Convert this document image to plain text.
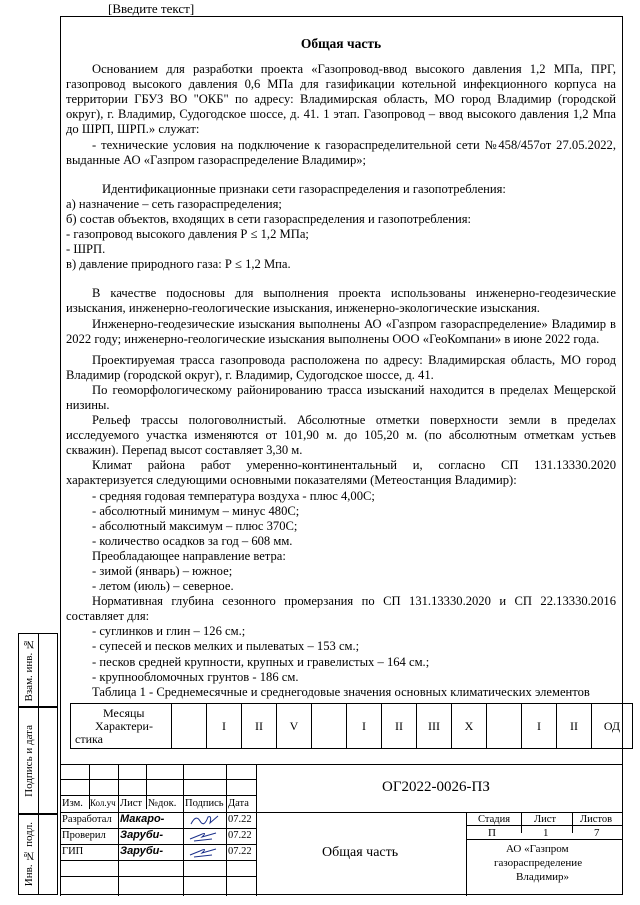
[Введите текст]
Взам. инв. №
Подпись и дата
Инв. № подл.

Общая часть

Основанием для разработки проекта «Газопровод-ввод высокого давления 1,2 МПа, ПРГ, газопровод высокого давления 0,6 МПа для газификации котельной инфекционного корпуса на территории ГБУЗ ВО "ОКБ" по адресу: Владимирская область, МО город Владимир (городской округ), г. Владимир, Судогодское шоссе, д. 41. 1 этап. Газопровод – ввод высокого давления 1,2 Мпа до ШРП, ШРП.» служат:

- технические условия на подключение к газораспределительной сети №458/457от 27.05.2022, выданные АО «Газпром газораспределение Владимир»;

Идентификационные признаки сети газораспределения и газопотребления:

а) назначение – сеть газораспределения;

б) состав объектов, входящих в сети газораспределения и газопотребления:

- газопровод высокого давления Р ≤ 1,2 МПа;

- ШРП.

в) давление природного газа: Р ≤ 1,2 Мпа.

В качестве подосновы для выполнения проекта использованы инженерно-геодезические изыскания, инженерно-геологические изыскания, инженерно-экологические изыскания.

Инженерно-геодезические изыскания выполнены АО «Газпром газораспределение» Владимир в 2022 году; инженерно-геологические изыскания выполнены ООО «ГеоКомпани» в июне 2022 года.

Проектируемая трасса газопровода расположена по адресу: Владимирская область, МО город Владимир (городской округ), г. Владимир, Судогодское шоссе, д. 41.

По геоморфологическому районированию трасса изысканий находится в пределах Мещерской низины.

Рельеф трассы пологоволнистый. Абсолютные отметки поверхности земли в пределах исследуемого участка изменяются от 101,90 м. до 105,20 м. (по абсолютным отметкам устьев скважин). Перепад высот составляет 3,30 м.

Климат района работ умеренно-континентальный и, согласно СП 131.13330.2020 характеризуется следующими основными показателями (Метеостанция Владимир):

- средняя годовая температура воздуха - плюс 4,00С;

- абсолютный минимум – минус 480С;

- абсолютный максимум – плюс 370С;

- количество осадков за год – 608 мм.

Преобладающее направление ветра:

- зимой (январь) – южное;

- летом (июль) – северное.

Нормативная глубина сезонного промерзания по СП 131.13330.2020 и СП 22.13330.2016 составляет для:

- суглинков и глин – 126 см.;

- супесей и песков мелких и пылеватых – 153 см.;

- песков средней крупности, крупных и гравелистых – 164 см.;

- крупнообломочных грунтов - 186 см.

Таблица 1 - Среднемесячные и среднегодовые значения основных климатических элементов

Месяцы
Характери-
стика
		I	II	V		I	II	III	X		I	II	ОД
ОГ2022-0026-ПЗ
Изм. Кол.уч Лист №док. Подпись Дата
Разработал Макаро-	07.22
Проверил Заруби-	07.22
ГИП	Заруби-	07.22	Общая часть
Стадия Лист Листов
П	1	7
АО «Газпром
газораспределение
Владимир»
